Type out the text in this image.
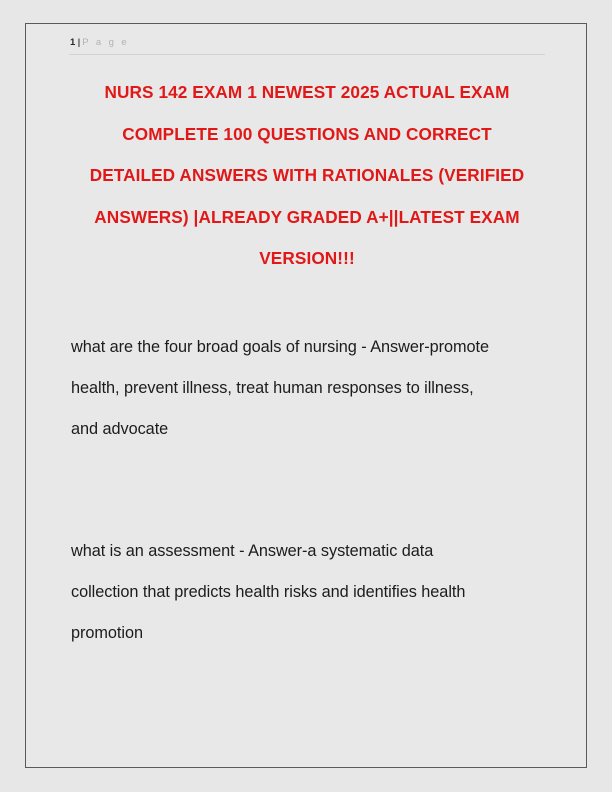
1 | P a g e
NURS 142 EXAM 1 NEWEST 2025 ACTUAL EXAM
COMPLETE 100 QUESTIONS AND CORRECT
DETAILED ANSWERS WITH RATIONALES (VERIFIED
ANSWERS) |ALREADY GRADED A+||LATEST EXAM
VERSION!!!
what are the four broad goals of nursing - Answer-promote
health, prevent illness, treat human responses to illness,
and advocate
what is an assessment - Answer-a systematic data
collection that predicts health risks and identifies health
promotion
